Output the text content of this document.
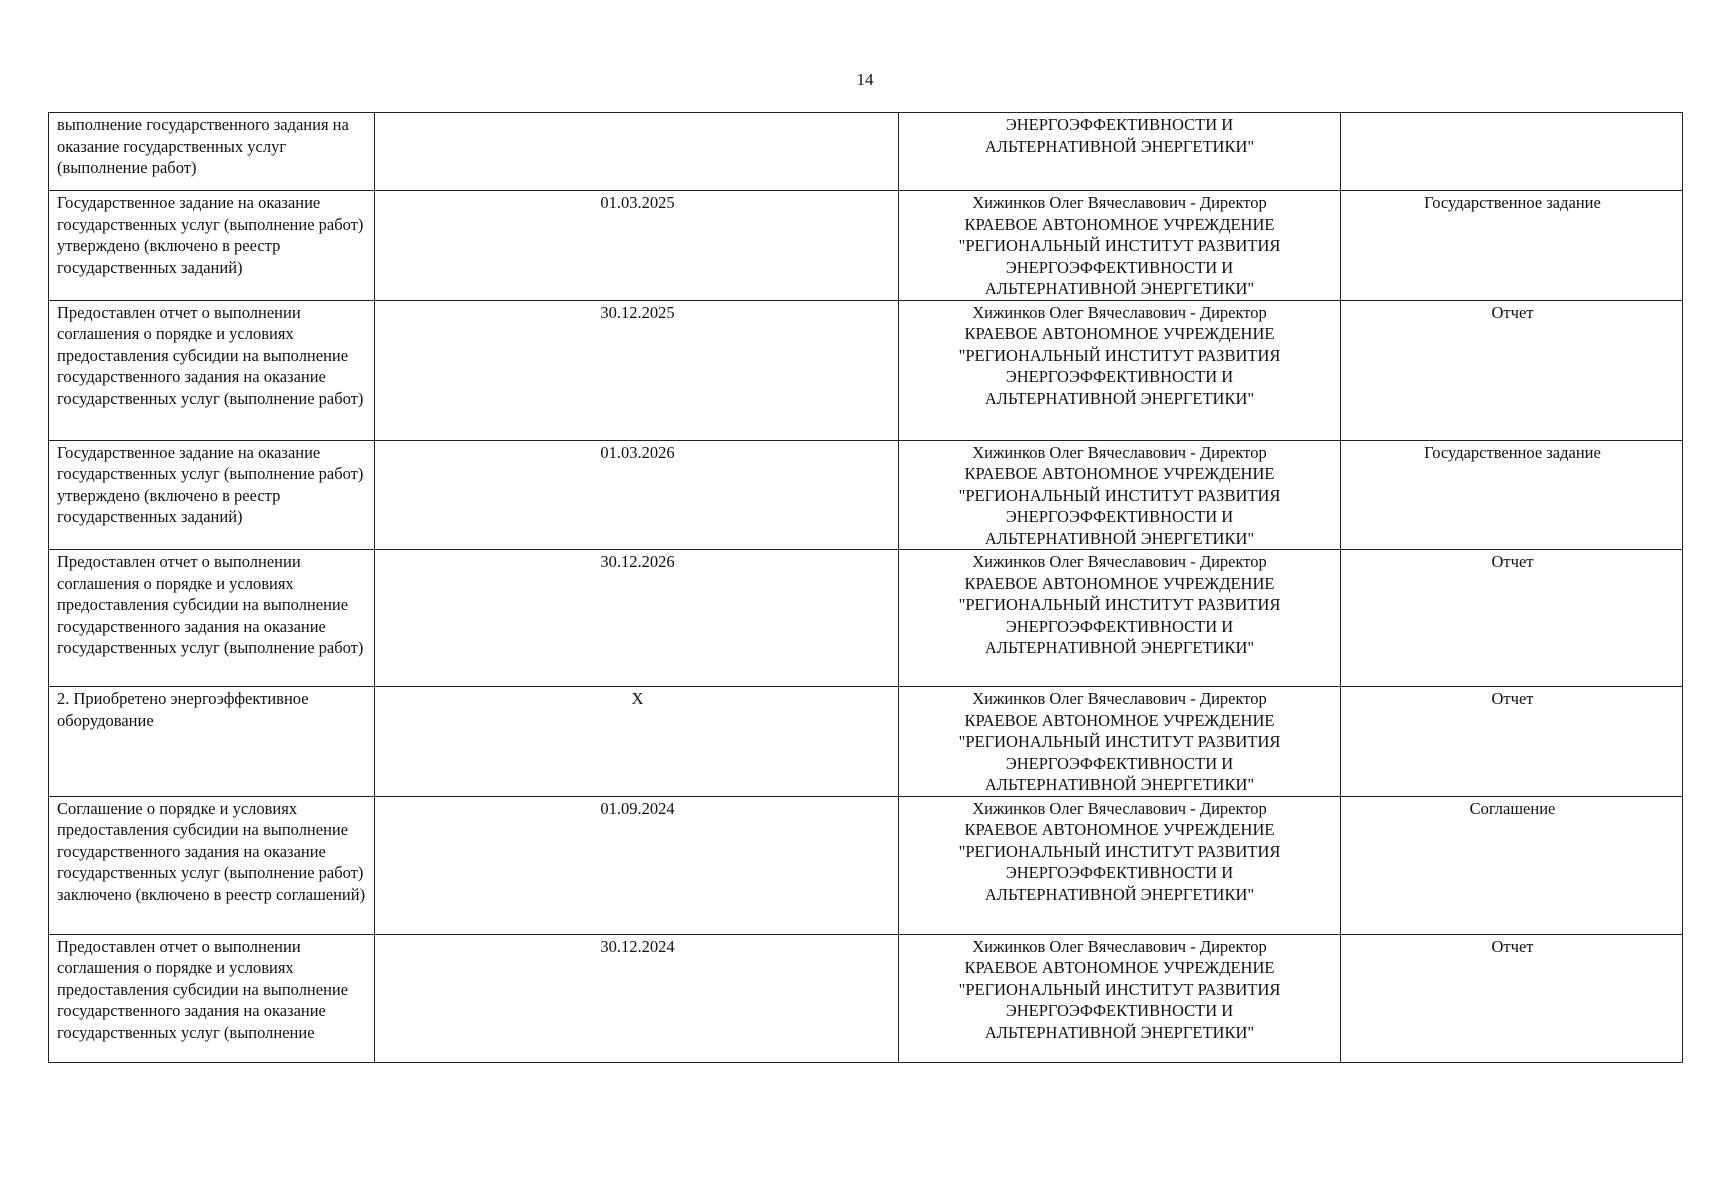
14
выполнение государственного задания на оказание государственных услуг (выполнение работ)		ЭНЕРГОЭФФЕКТИВНОСТИ И
АЛЬТЕРНАТИВНОЙ ЭНЕРГЕТИКИ"	

Государственное задание на оказание государственных услуг (выполнение работ) утверждено (включено в реестр государственных заданий)	01.03.2025	Хижинков Олег Вячеславович - Директор
КРАЕВОЕ АВТОНОМНОЕ УЧРЕЖДЕНИЕ
"РЕГИОНАЛЬНЫЙ ИНСТИТУТ РАЗВИТИЯ
ЭНЕРГОЭФФЕКТИВНОСТИ И
АЛЬТЕРНАТИВНОЙ ЭНЕРГЕТИКИ"	Государственное задание
Предоставлен отчет о выполнении соглашения о порядке и условиях предоставления субсидии на выполнение государственного задания на оказание государственных услуг (выполнение работ)	30.12.2025	Хижинков Олег Вячеславович - Директор
КРАЕВОЕ АВТОНОМНОЕ УЧРЕЖДЕНИЕ
"РЕГИОНАЛЬНЫЙ ИНСТИТУТ РАЗВИТИЯ
ЭНЕРГОЭФФЕКТИВНОСТИ И
АЛЬТЕРНАТИВНОЙ ЭНЕРГЕТИКИ"	Отчет
Государственное задание на оказание государственных услуг (выполнение работ) утверждено (включено в реестр государственных заданий)	01.03.2026	Хижинков Олег Вячеславович - Директор
КРАЕВОЕ АВТОНОМНОЕ УЧРЕЖДЕНИЕ
"РЕГИОНАЛЬНЫЙ ИНСТИТУТ РАЗВИТИЯ
ЭНЕРГОЭФФЕКТИВНОСТИ И
АЛЬТЕРНАТИВНОЙ ЭНЕРГЕТИКИ"	Государственное задание
Предоставлен отчет о выполнении соглашения о порядке и условиях предоставления субсидии на выполнение государственного задания на оказание государственных услуг (выполнение работ)	30.12.2026	Хижинков Олег Вячеславович - Директор
КРАЕВОЕ АВТОНОМНОЕ УЧРЕЖДЕНИЕ
"РЕГИОНАЛЬНЫЙ ИНСТИТУТ РАЗВИТИЯ
ЭНЕРГОЭФФЕКТИВНОСТИ И
АЛЬТЕРНАТИВНОЙ ЭНЕРГЕТИКИ"	Отчет
2. Приобретено энергоэффективное оборудование	X	Хижинков Олег Вячеславович - Директор
КРАЕВОЕ АВТОНОМНОЕ УЧРЕЖДЕНИЕ
"РЕГИОНАЛЬНЫЙ ИНСТИТУТ РАЗВИТИЯ
ЭНЕРГОЭФФЕКТИВНОСТИ И
АЛЬТЕРНАТИВНОЙ ЭНЕРГЕТИКИ"	Отчет
Соглашение о порядке и условиях предоставления субсидии на выполнение государственного задания на оказание государственных услуг (выполнение работ) заключено (включено в реестр соглашений)	01.09.2024	Хижинков Олег Вячеславович - Директор
КРАЕВОЕ АВТОНОМНОЕ УЧРЕЖДЕНИЕ
"РЕГИОНАЛЬНЫЙ ИНСТИТУТ РАЗВИТИЯ
ЭНЕРГОЭФФЕКТИВНОСТИ И
АЛЬТЕРНАТИВНОЙ ЭНЕРГЕТИКИ"	Соглашение
Предоставлен отчет о выполнении соглашения о порядке и условиях предоставления субсидии на выполнение государственного задания на оказание государственных услуг (выполнение	30.12.2024	Хижинков Олег Вячеславович - Директор
КРАЕВОЕ АВТОНОМНОЕ УЧРЕЖДЕНИЕ
"РЕГИОНАЛЬНЫЙ ИНСТИТУТ РАЗВИТИЯ
ЭНЕРГОЭФФЕКТИВНОСТИ И
АЛЬТЕРНАТИВНОЙ ЭНЕРГЕТИКИ"	Отчет
